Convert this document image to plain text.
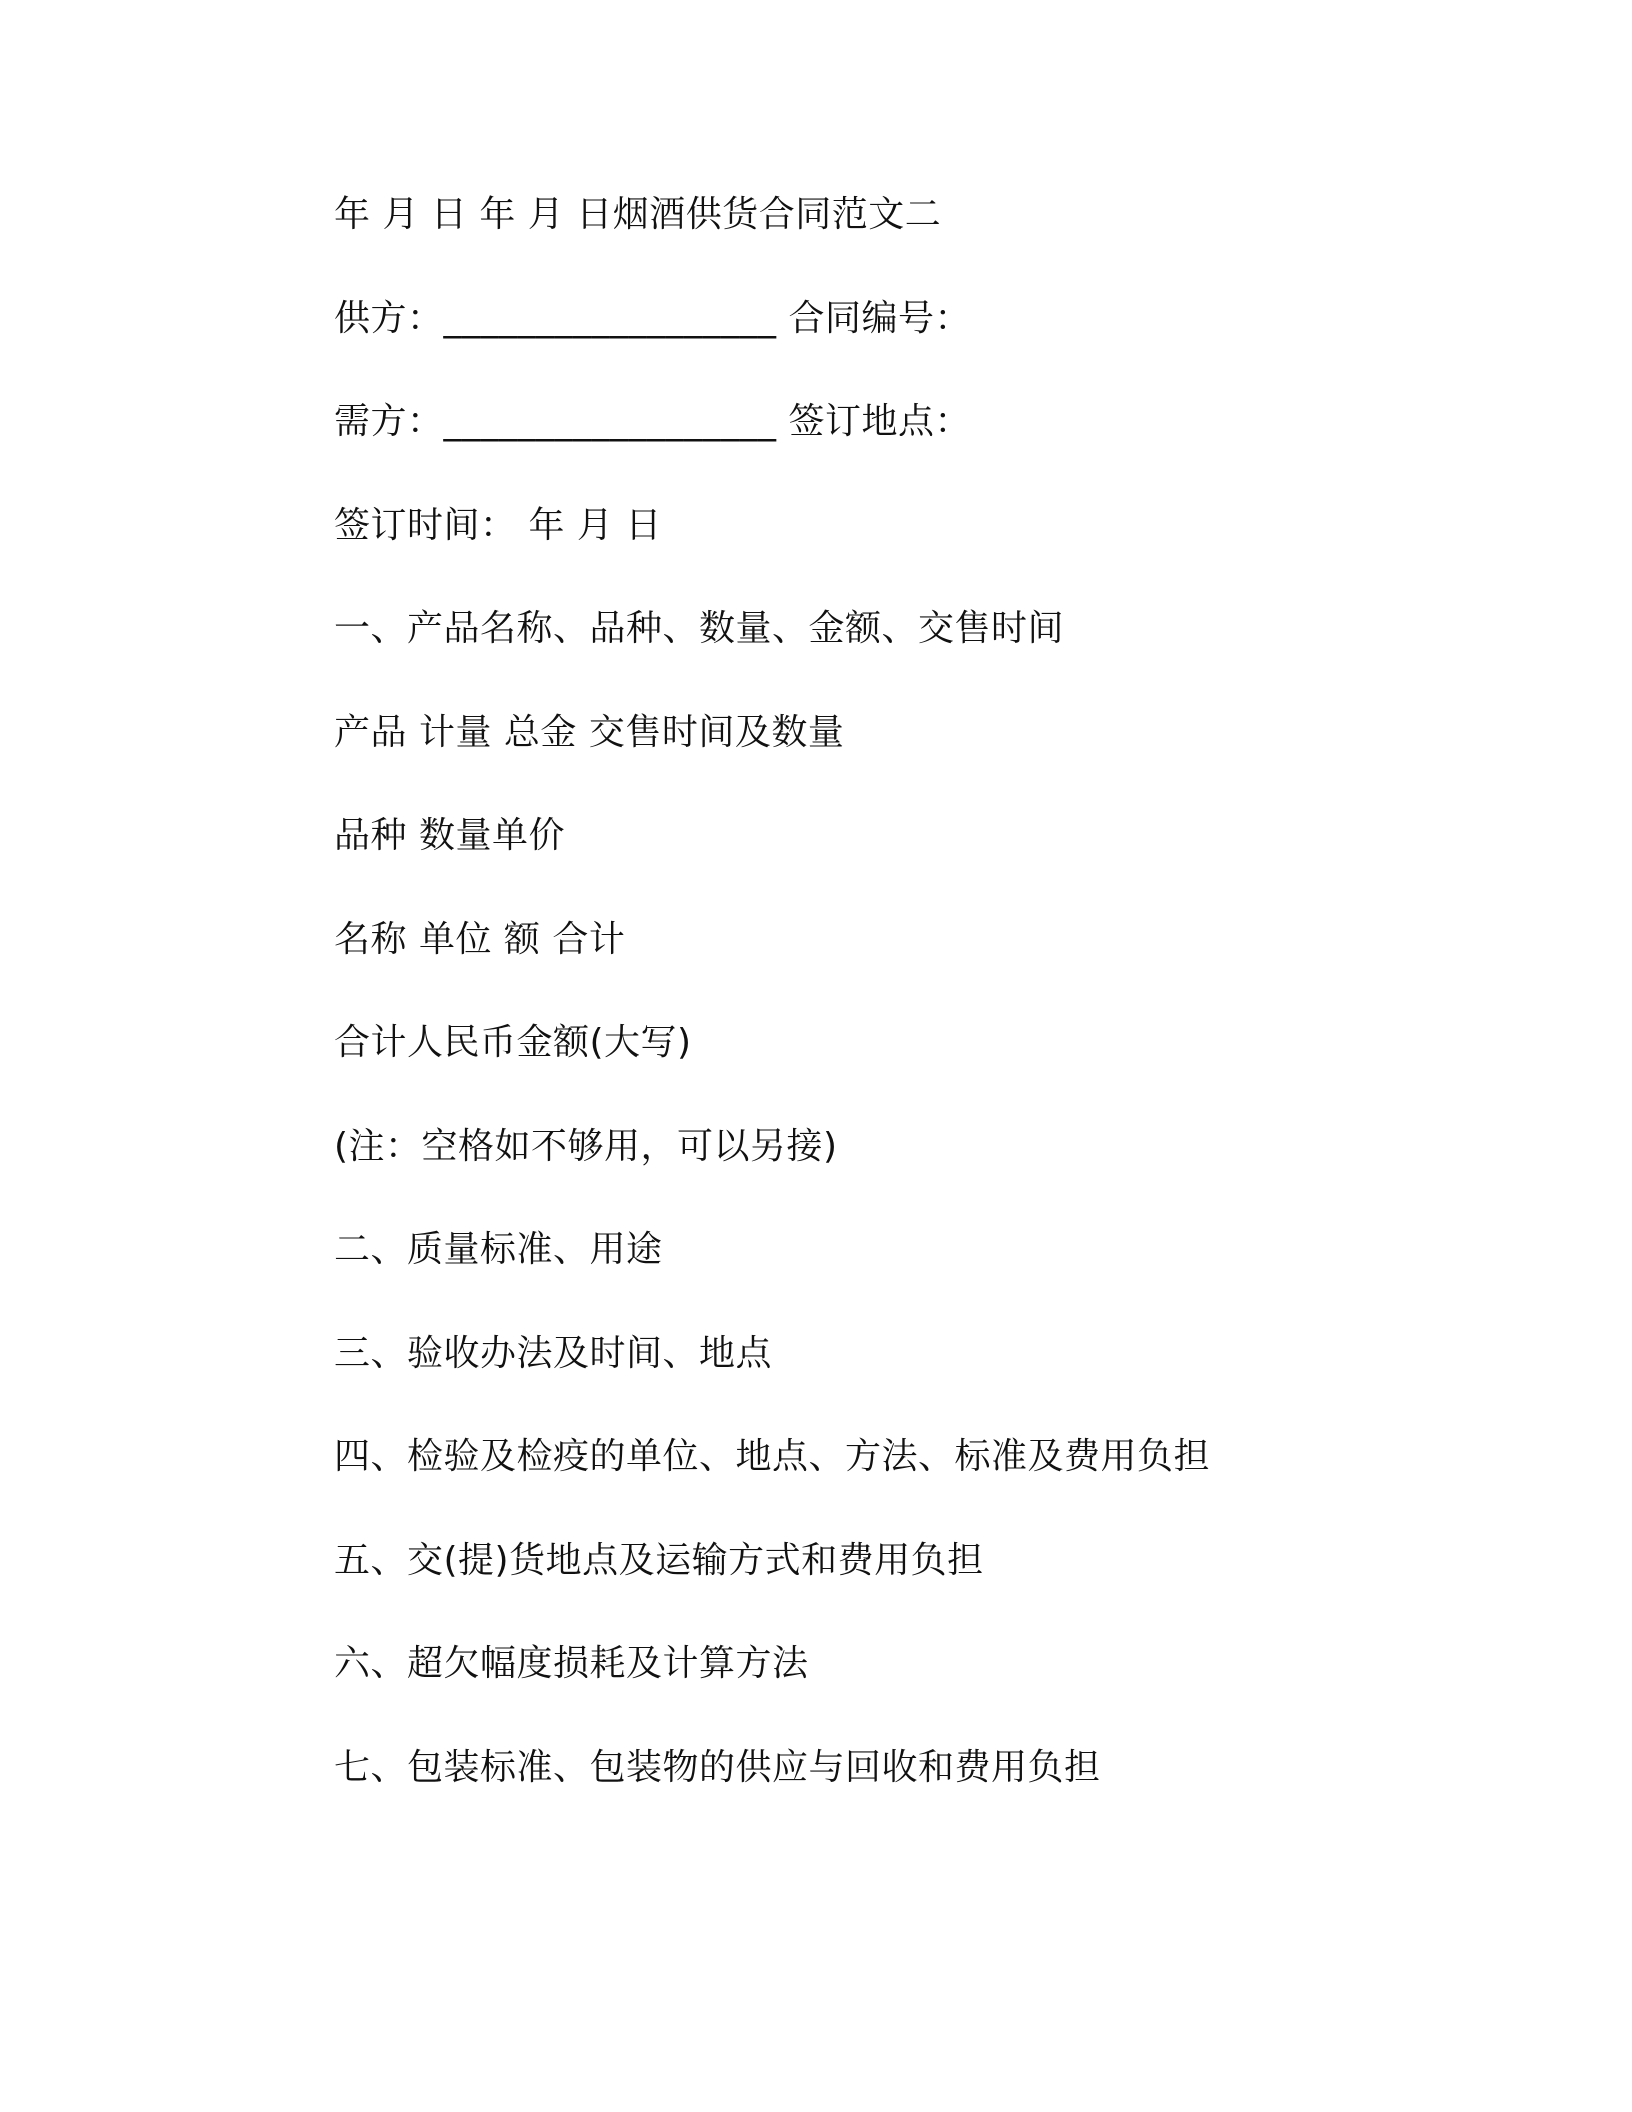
年 月 日 年 月 日烟酒供货合同范文二
供方：__________________ 合同编号：
需方：__________________ 签订地点：
签订时间： 年 月 日
一、产品名称、品种、数量、金额、交售时间
产品 计量 总金 交售时间及数量
品种 数量单价
名称 单位 额 合计
合计人民币金额(大写)
(注：空格如不够用，可以另接)
二、质量标准、用途
三、验收办法及时间、地点
四、检验及检疫的单位、地点、方法、标准及费用负担
五、交(提)货地点及运输方式和费用负担
六、超欠幅度损耗及计算方法
七、包装标准、包装物的供应与回收和费用负担
